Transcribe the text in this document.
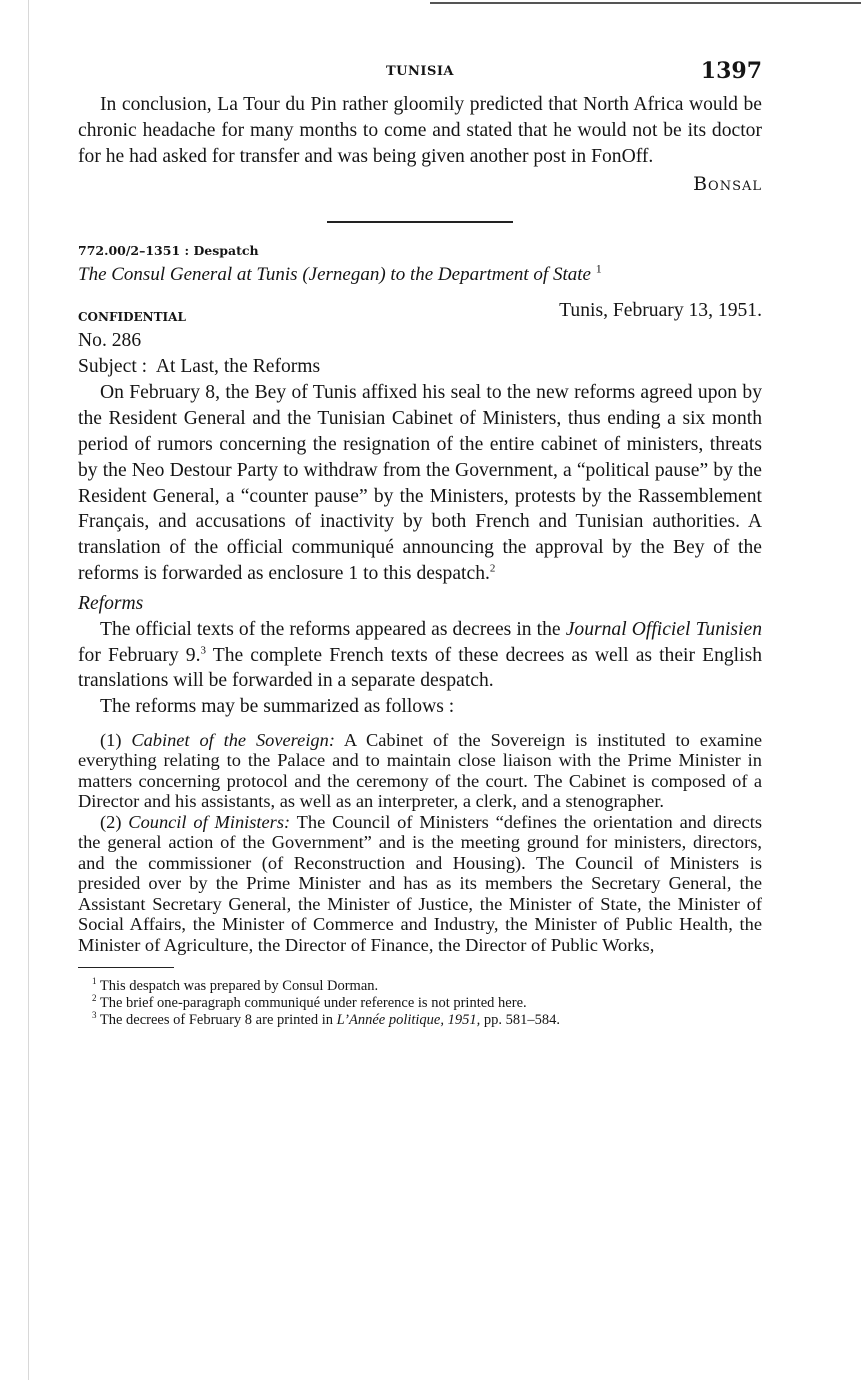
TUNISIA	1397

In conclusion, La Tour du Pin rather gloomily predicted that North Africa would be chronic headache for many months to come and stated that he would not be its doctor for he had asked for transfer and was being given another post in FonOff.

Bonsal

772.00/2–1351 : Despatch

The Consul General at Tunis (Jernegan) to the Department of State $^1$

confidential	Tunis, February 13, 1951.

No. 286

Subject :  At Last, the Reforms

On February 8, the Bey of Tunis affixed his seal to the new reforms agreed upon by the Resident General and the Tunisian Cabinet of Ministers, thus ending a six month period of rumors concerning the resignation of the entire cabinet of ministers, threats by the Neo Destour Party to withdraw from the Government, a “political pause” by the Resident General, a “counter pause” by the Ministers, protests by the Rassemblement Français, and accusations of inactivity by both French and Tunisian authorities. A translation of the official communiqué announcing the approval by the Bey of the reforms is forwarded as enclosure 1 to this despatch.$^2$

Reforms

The official texts of the reforms appeared as decrees in the Journal Officiel Tunisien for February 9.$^3$ The complete French texts of these decrees as well as their English translations will be forwarded in a separate despatch.

The reforms may be summarized as follows :

(1) Cabinet of the Sovereign: A Cabinet of the Sovereign is instituted to examine everything relating to the Palace and to maintain close liaison with the Prime Minister in matters concerning protocol and the ceremony of the court. The Cabinet is composed of a Director and his assistants, as well as an interpreter, a clerk, and a stenographer.

(2) Council of Ministers: The Council of Ministers “defines the orientation and directs the general action of the Government” and is the meeting ground for ministers, directors, and the commissioner (of Reconstruction and Housing). The Council of Ministers is presided over by the Prime Minister and has as its members the Secretary General, the Assistant Secretary General, the Minister of Justice, the Minister of State, the Minister of Social Affairs, the Minister of Commerce and Industry, the Minister of Public Health, the Minister of Agriculture, the Director of Finance, the Director of Public Works,

$^1$ This despatch was prepared by Consul Dorman.

$^2$ The brief one-paragraph communiqué under reference is not printed here.

$^3$ The decrees of February 8 are printed in L’Année politique, 1951, pp. 581–584.
